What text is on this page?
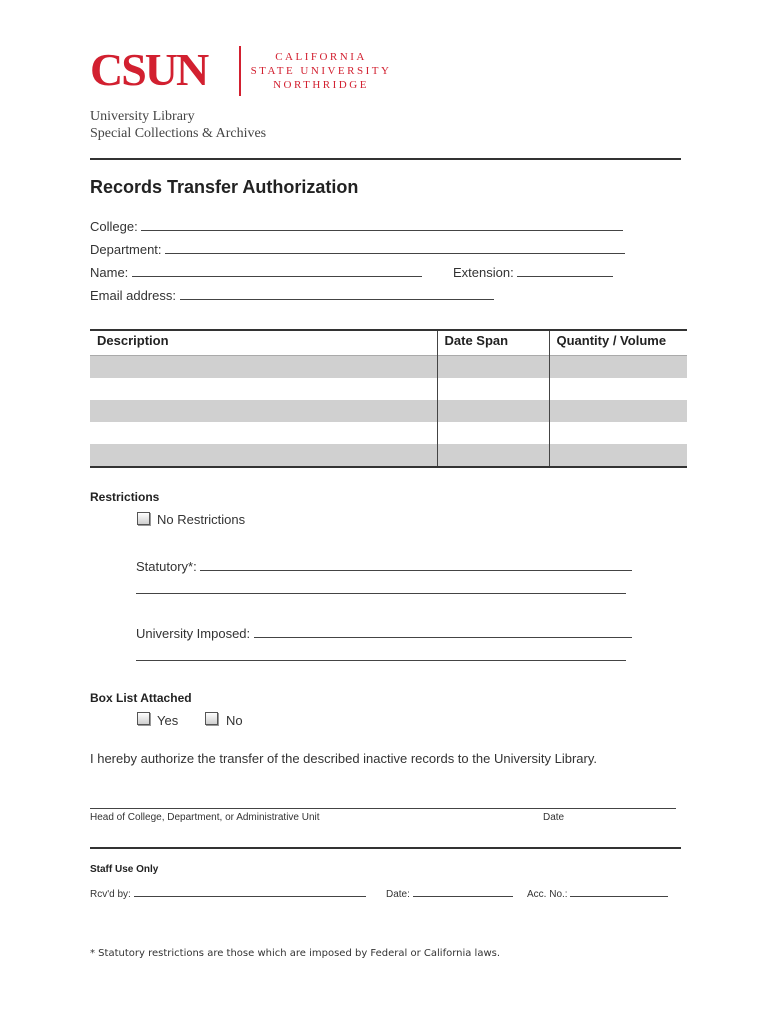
CSUN	CALIFORNIA
STATE UNIVERSITY
NORTHRIDGE
University Library
Special Collections & Archives
Records Transfer Authorization
College:
Department:
Name:	Extension:
Email address:
Description	Date Span	Quantity / Volume

Restrictions
No Restrictions
Statutory*:
University Imposed:
Box List Attached
Yes	No
I hereby authorize the transfer of the described inactive records to the University Library.
Head of College, Department, or Administrative Unit	Date
Staff Use Only
Rcv'd by:	Date:	Acc. No.:
* Statutory restrictions are those which are imposed by Federal or California laws.
